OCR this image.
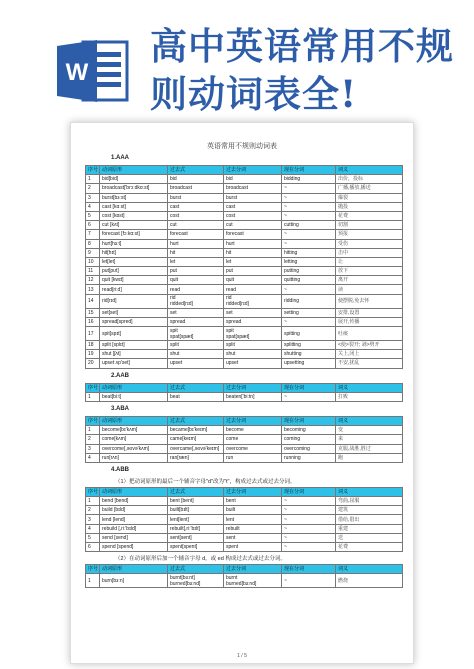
W
高中英语常用不规则动词表全!
英语常用不规则动词表
1.AAA
序号	动词原形	过去式	过去分词	现在分词	词义
1	bid[bid]	bid	bid	bidding	出价，投标
2	broadcast['brɔːdkɑːst]	broadcast	broadcast	~	广播,播放,播送
3	burst[bɜːst]	burst	burst	~	爆裂
4	cast [kɑːst]	cast	cast	~	抛投
5	cost [kɒst]	cost	cost	~	花费
6	cut [kʌt]	cut	cut	cutting	切割
7	forecast [fɔːkɑːst]	forecast	forecast	~	预报
8	hurt[hɜːt]	hurt	hurt	~	受伤
9	hit[hɪt]	hit	hit	hitting	击中
10	let[let]	let	let	letting	让
11	put[pʊt]	put	put	putting	放下
12	quit [kwɪt]	quit	quit	quitting	离开
13	read[riːd]	read	read	~	读
14	rid[rɪd]	rid
ridded[rɪd]	rid
ridded[rɪd]	ridding	使摆脱,免去怀
15	set[set]	set	set	setting	安排,设置
16	spread[spred]	spread	spread	~	展开,传播
17	spit[spɪt]	spit
spat[spæt]	spit
spat[spæt]	spitting	吐痰
18	split [splɪt]	split	split	splitting	<使>裂开; 剥>劈开
19	shut [ʃʌt]	shut	shut	shutting	关上,闭上
20	upset ʌp'set]	upset	upset	upsetting	不安,扰乱
2.AAB
序号	动词原形	过去式	过去分词	现在分词	词义
1	beat[biːt]	beat	beaten['biːtn]	~	打败
3.ABA
序号	动词原形	过去式	过去分词	现在分词	词义
1	become[bɪ'kʌm]	became[bɪ'keɪm]	become	becoming	变
2	come[kʌm]	came[keɪm]	come	coming	来
3	overcome[,əʊvə'kʌm]	overcame[,əʊvə'keɪm]	overcome	overcoming	克服,战胜,胜过
4	run[rʌn]	ran[ræn]	run	running	跑
4.ABB
（1）把动词原形的最后一个辅音字母"d"改为"t"，构成过去式或过去分词。
序号	动词原形	过去式	过去分词	现在分词	词义
1	bend [bend]	bent [bent]	bent	~	弯曲,屈服
2	build [bɪld]	built[bɪlt]	built	~	建筑
3	lend [lend]	lent[lent]	lent	~	借给,借出
4	rebuild [,riː'bɪld]	rebuilt[,riː'bɪlt]	rebuilt	~	重建
5	send [send]	sent[sent]	sent	~	送
6	spend [spend]	spent[spent]	spent	~	花费
（2）在动词原形后加一个辅音字母 d，或 ed 构成过去式或过去分词。
序号	动词原形	过去式	过去分词	现在分词	词义
1	burn[bɜːn]	burnt[bɜːnt]
burned[bɜːnd]	burnt
burned[bɜːnd]	~	燃烧
1 / 5
